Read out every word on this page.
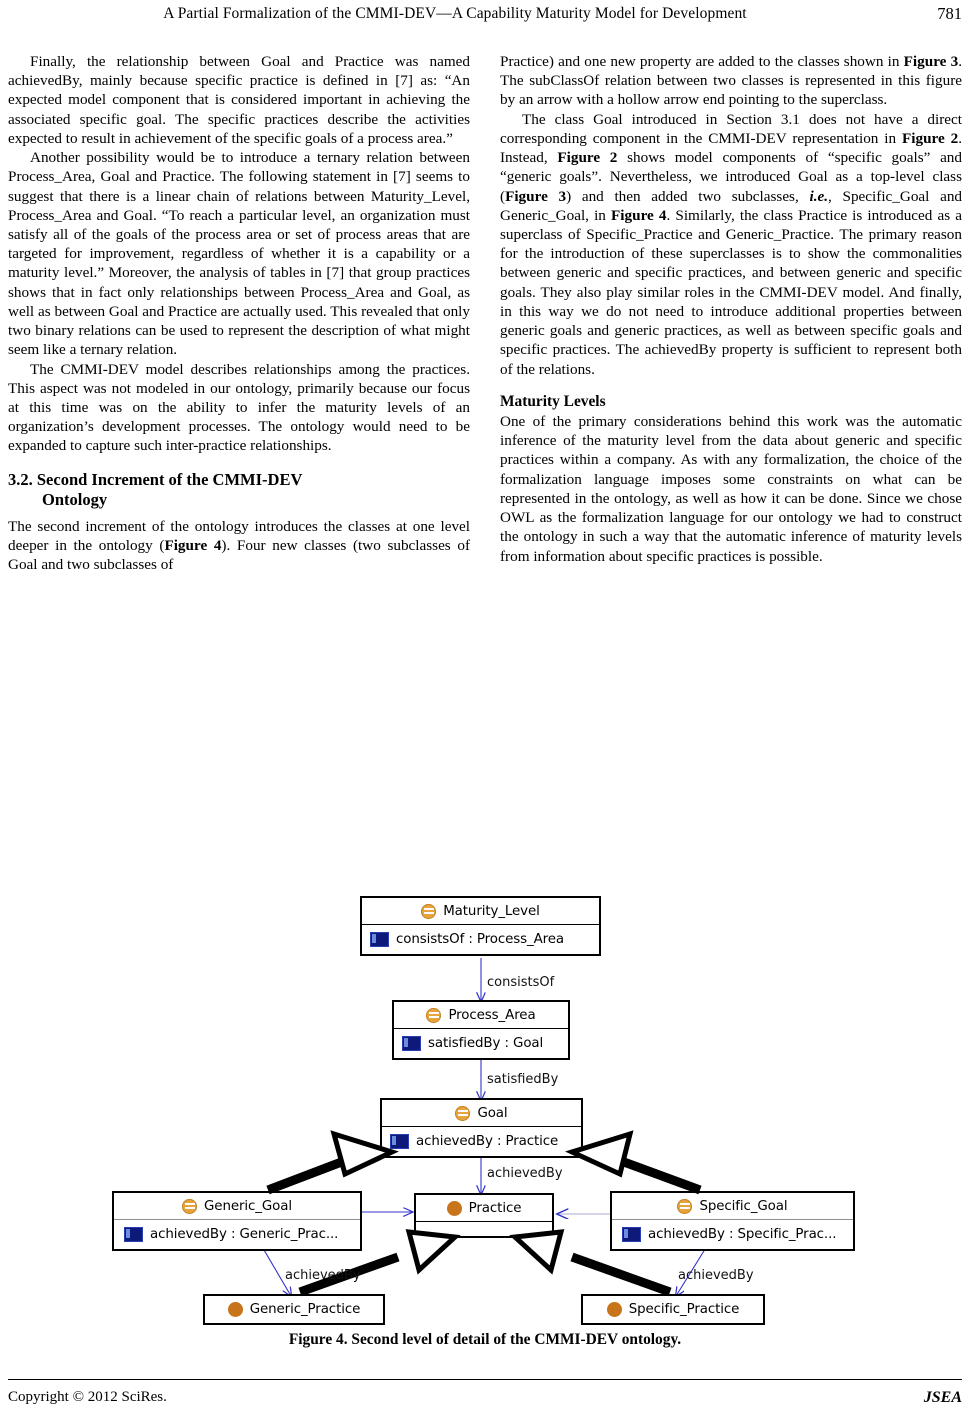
A Partial Formalization of the CMMI-DEV—A Capability Maturity Model for Development	781

Finally, the relationship between Goal and Practice was named achievedBy, mainly because specific practice is defined in [7] as: “An expected model component that is considered important in achieving the associated specific goal. The specific practices describe the activities expected to result in achievement of the specific goals of a process area.”

Another possibility would be to introduce a ternary relation between Process_Area, Goal and Practice. The following statement in [7] seems to suggest that there is a linear chain of relations between Maturity_Level, Process_Area and Goal. “To reach a particular level, an organization must satisfy all of the goals of the process area or set of process areas that are targeted for improvement, regardless of whether it is a capability or a maturity level.” Moreover, the analysis of tables in [7] that group practices shows that in fact only relationships between Process_Area and Goal, as well as between Goal and Practice are actually used. This revealed that only two binary relations can be used to represent the description of what might seem like a ternary relation.

The CMMI-DEV model describes relationships among the practices. This aspect was not modeled in our ontology, primarily because our focus at this time was on the ability to infer the maturity levels of an organization’s development processes. The ontology would need to be expanded to capture such inter-practice relationships.

3.2. Second Increment of the CMMI-DEV
Ontology

The second increment of the ontology introduces the classes at one level deeper in the ontology (Figure 4). Four new classes (two subclasses of Goal and two subclasses of

Practice) and one new property are added to the classes shown in Figure 3. The subClassOf relation between two classes is represented in this figure by an arrow with a hollow arrow end pointing to the superclass.

The class Goal introduced in Section 3.1 does not have a direct corresponding component in the CMMI-DEV representation in Figure 2. Instead, Figure 2 shows model components of “specific goals” and “generic goals”. Nevertheless, we introduced Goal as a top-level class (Figure 3) and then added two subclasses, i.e., Specific_Goal and Generic_Goal, in Figure 4. Similarly, the class Practice is introduced as a superclass of Specific_Practice and Generic_Practice. The primary reason for the introduction of these superclasses is to show the commonalities between generic and specific practices, and between generic and specific goals. They also play similar roles in the CMMI-DEV model. And finally, in this way we do not need to introduce additional properties between generic goals and generic practices, as well as between specific goals and specific practices. The achievedBy property is sufficient to represent both of the relations.

Maturity Levels

One of the primary considerations behind this work was the automatic inference of the maturity level from the data about generic and specific practices within a company. As with any formalization, the choice of the formalization language imposes some constraints on what can be represented in the ontology, as well as how it can be done. Since we chose OWL as the formalization language for our ontology we had to construct the ontology in such a way that the automatic inference of maturity levels from information about specific practices is possible.

Maturity_Level
consistsOf : Process_Area
Process_Area
satisfiedBy : Goal
Goal
achievedBy : Practice
Practice
Generic_Goal
achievedBy : Generic_Prac...
Specific_Goal
achievedBy : Specific_Prac...
Generic_Practice	Specific_Practice
consistsOf
satisfiedBy
achievedBy
achievedBy	achievedBy
Figure 4. Second level of detail of the CMMI-DEV ontology.
Copyright © 2012 SciRes.	JSEA
